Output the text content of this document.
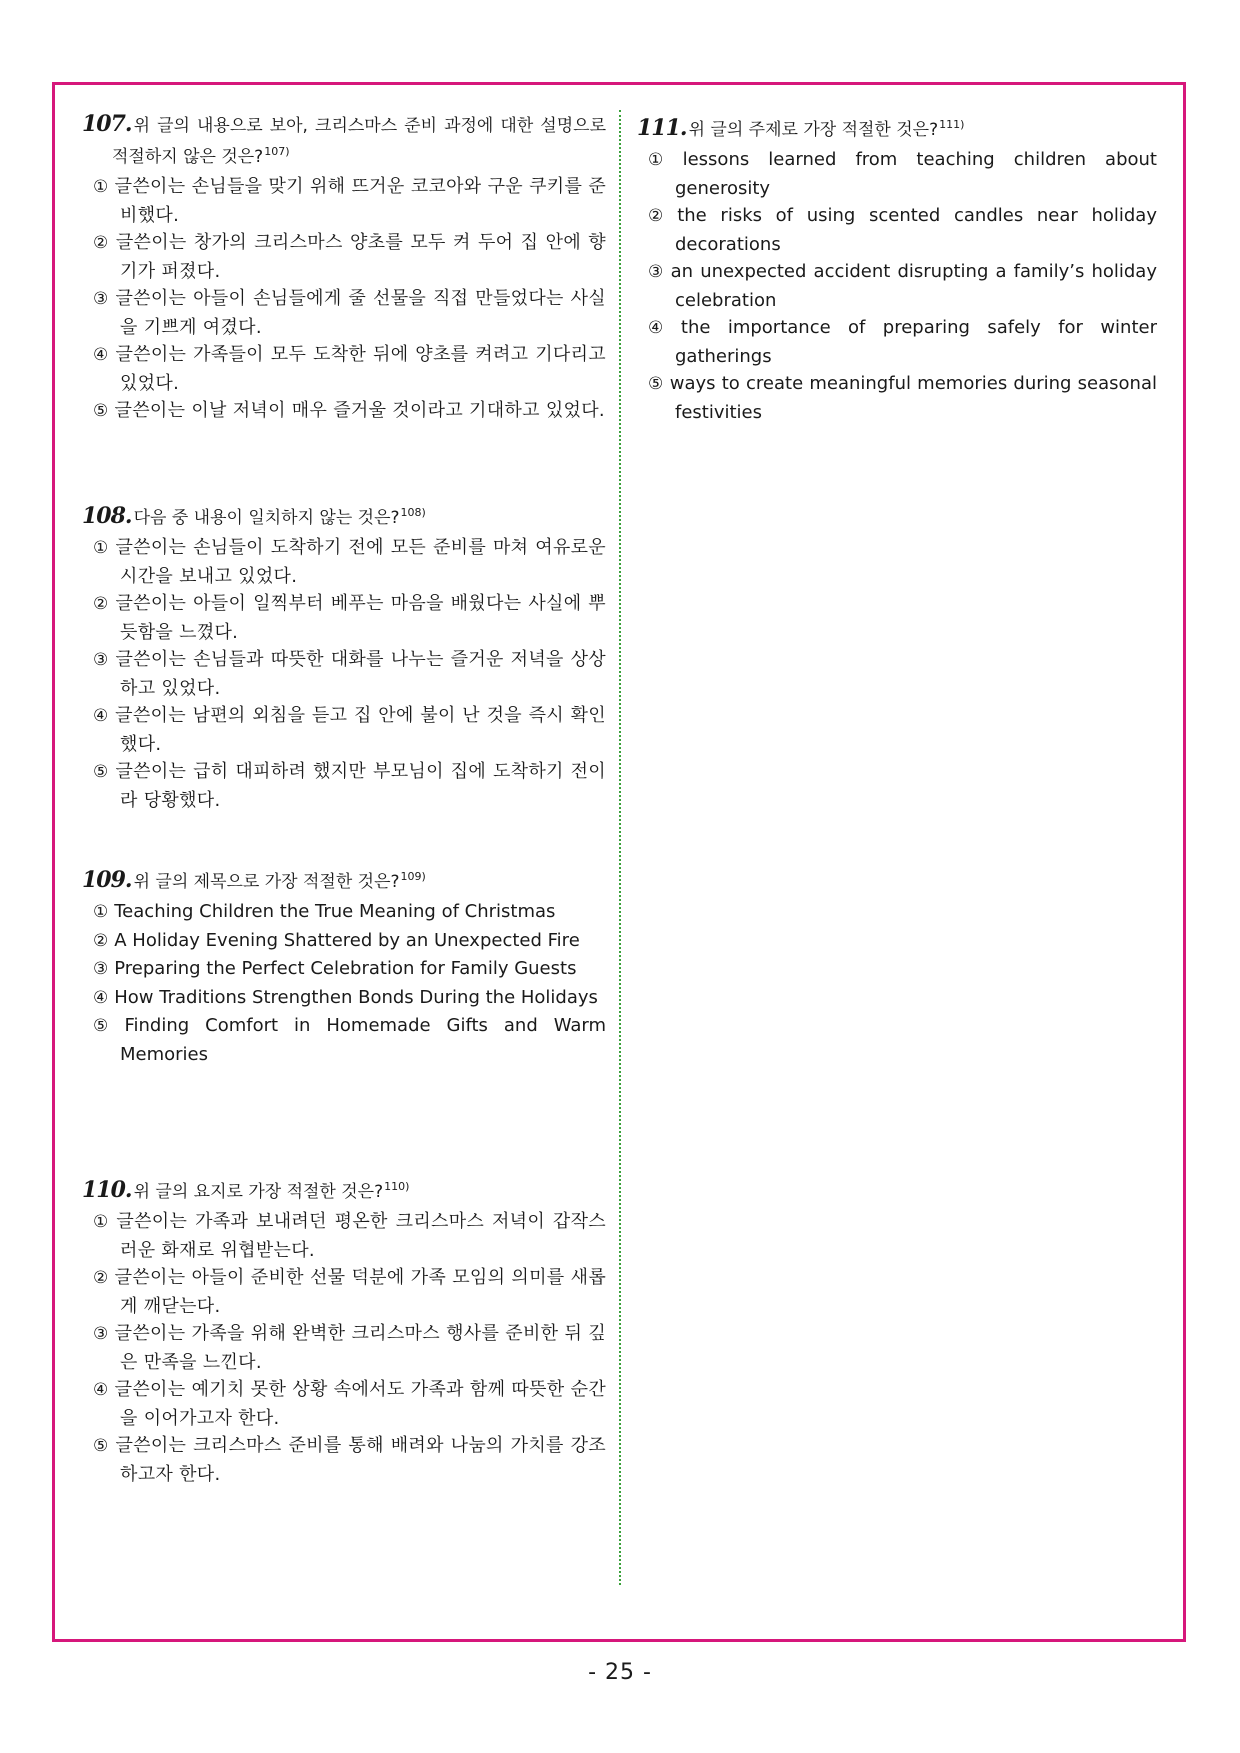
107. 위 글의 내용으로 보아, 크리스마스 준비 과정에 대한 설명으로 적절하지 않은 것은?$^{107)}$
① 글쓴이는 손님들을 맞기 위해 뜨거운 코코아와 구운 쿠키를 준비했다.
② 글쓴이는 창가의 크리스마스 양초를 모두 켜 두어 집 안에 향기가 퍼졌다.
③ 글쓴이는 아들이 손님들에게 줄 선물을 직접 만들었다는 사실을 기쁘게 여겼다.
④ 글쓴이는 가족들이 모두 도착한 뒤에 양초를 켜려고 기다리고 있었다.
⑤ 글쓴이는 이날 저녁이 매우 즐거울 것이라고 기대하고 있었다.
108. 다음 중 내용이 일치하지 않는 것은?$^{108)}$
① 글쓴이는 손님들이 도착하기 전에 모든 준비를 마쳐 여유로운 시간을 보내고 있었다.
② 글쓴이는 아들이 일찍부터 베푸는 마음을 배웠다는 사실에 뿌듯함을 느꼈다.
③ 글쓴이는 손님들과 따뜻한 대화를 나누는 즐거운 저녁을 상상하고 있었다.
④ 글쓴이는 남편의 외침을 듣고 집 안에 불이 난 것을 즉시 확인했다.
⑤ 글쓴이는 급히 대피하려 했지만 부모님이 집에 도착하기 전이라 당황했다.
109. 위 글의 제목으로 가장 적절한 것은?$^{109)}$
① Teaching Children the True Meaning of Christmas
② A Holiday Evening Shattered by an Unexpected Fire
③ Preparing the Perfect Celebration for Family Guests
④ How Traditions Strengthen Bonds During the Holidays
⑤ Finding Comfort in Homemade Gifts and Warm Memories
110. 위 글의 요지로 가장 적절한 것은?$^{110)}$
① 글쓴이는 가족과 보내려던 평온한 크리스마스 저녁이 갑작스러운 화재로 위협받는다.
② 글쓴이는 아들이 준비한 선물 덕분에 가족 모임의 의미를 새롭게 깨닫는다.
③ 글쓴이는 가족을 위해 완벽한 크리스마스 행사를 준비한 뒤 깊은 만족을 느낀다.
④ 글쓴이는 예기치 못한 상황 속에서도 가족과 함께 따뜻한 순간을 이어가고자 한다.
⑤ 글쓴이는 크리스마스 준비를 통해 배려와 나눔의 가치를 강조하고자 한다.
111. 위 글의 주제로 가장 적절한 것은?$^{111)}$
① lessons learned from teaching children about generosity
② the risks of using scented candles near holiday decorations
③ an unexpected accident disrupting a family’s holiday celebration
④ the importance of preparing safely for winter gatherings
⑤ ways to create meaningful memories during seasonal festivities
- 25 -
